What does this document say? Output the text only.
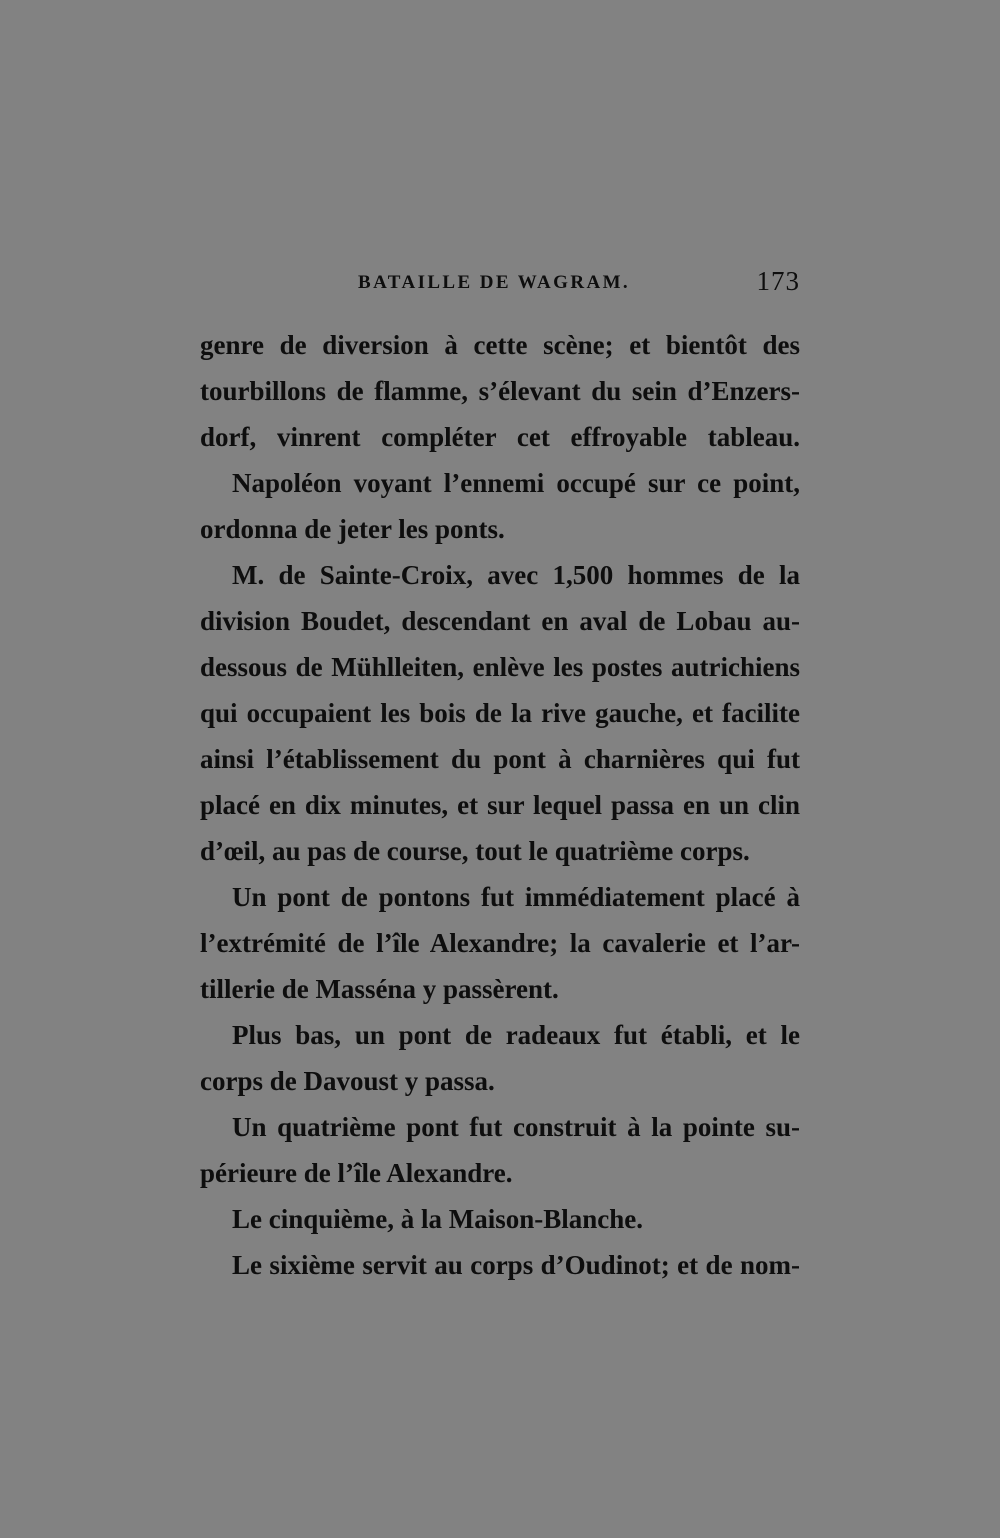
BATAILLE DE WAGRAM.	173
genre de diversion à cette scène; et bientôt des
tourbillons de flamme, s’élevant du sein d’Enzers-
dorf, vinrent compléter cet effroyable tableau.
Napoléon voyant l’ennemi occupé sur ce point,
ordonna de jeter les ponts.
M. de Sainte-Croix, avec 1,500 hommes de la
division Boudet, descendant en aval de Lobau au-
dessous de Mühlleiten, enlève les postes autrichiens
qui occupaient les bois de la rive gauche, et facilite
ainsi l’établissement du pont à charnières qui fut
placé en dix minutes, et sur lequel passa en un clin
d’œil, au pas de course, tout le quatrième corps.
Un pont de pontons fut immédiatement placé à
l’extrémité de l’île Alexandre; la cavalerie et l’ar-
tillerie de Masséna y passèrent.
Plus bas, un pont de radeaux fut établi, et le
corps de Davoust y passa.
Un quatrième pont fut construit à la pointe su-
périeure de l’île Alexandre.
Le cinquième, à la Maison-Blanche.
Le sixième servit au corps d’Oudinot; et de nom-
